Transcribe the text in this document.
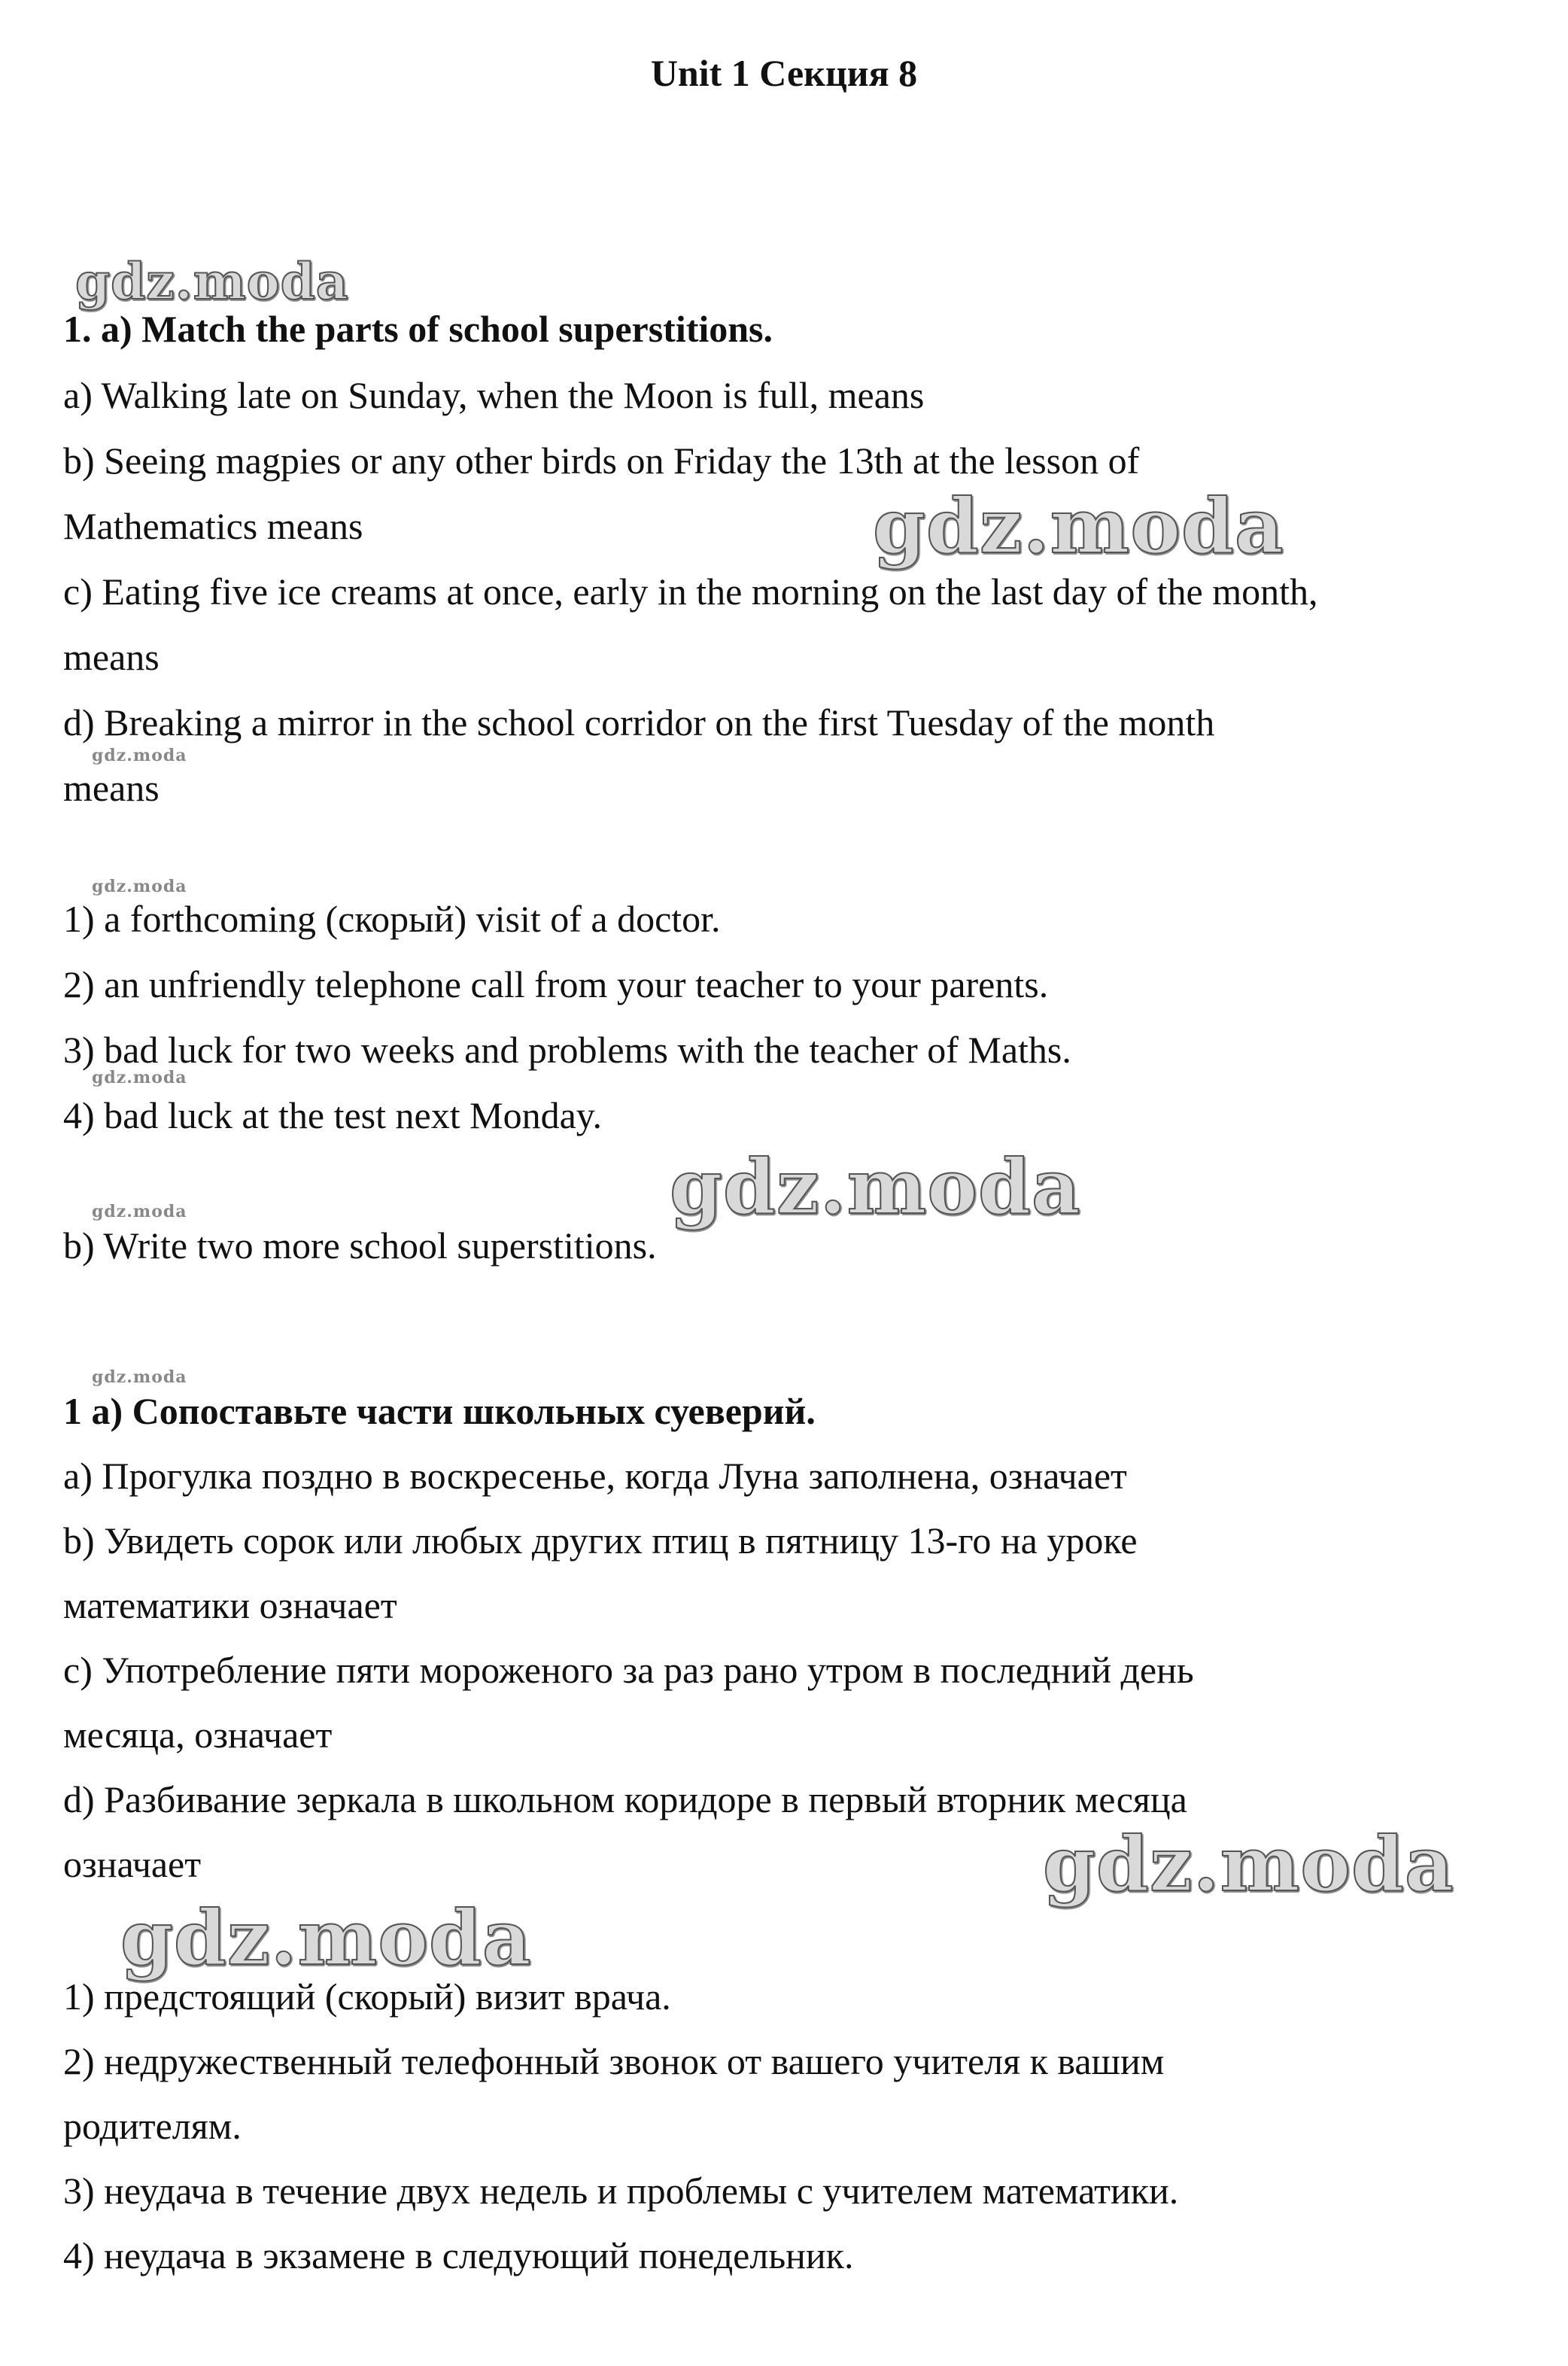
Unit 1 Секция 8
gdz.moda
gdz.moda
gdz.moda
gdz.moda
gdz.moda
gdz.moda
gdz.moda
gdz.moda
gdz.moda
gdz.moda
1. a) Match the parts of school superstitions.
a) Walking late on Sunday, when the Moon is full, means
b) Seeing magpies or any other birds on Friday the 13th at the lesson of
Mathematics means
c) Eating five ice creams at once, early in the morning on the last day of the month,
means
d) Breaking a mirror in the school corridor on the first Tuesday of the month
means
1) a forthcoming (скорый) visit of a doctor.
2) an unfriendly telephone call from your teacher to your parents.
3) bad luck for two weeks and problems with the teacher of Maths.
4) bad luck at the test next Monday.
b) Write two more school superstitions.
1 a) Сопоставьте части школьных суеверий.
a) Прогулка поздно в воскресенье, когда Луна заполнена, означает
b) Увидеть сорок или любых других птиц в пятницу 13-го на уроке
математики означает
c) Употребление пяти мороженого за раз рано утром в последний день
месяца, означает
d) Разбивание зеркала в школьном коридоре в первый вторник месяца
означает
1) предстоящий (скорый) визит врача.
2) недружественный телефонный звонок от вашего учителя к вашим
родителям.
3) неудача в течение двух недель и проблемы с учителем математики.
4) неудача в экзамене в следующий понедельник.
